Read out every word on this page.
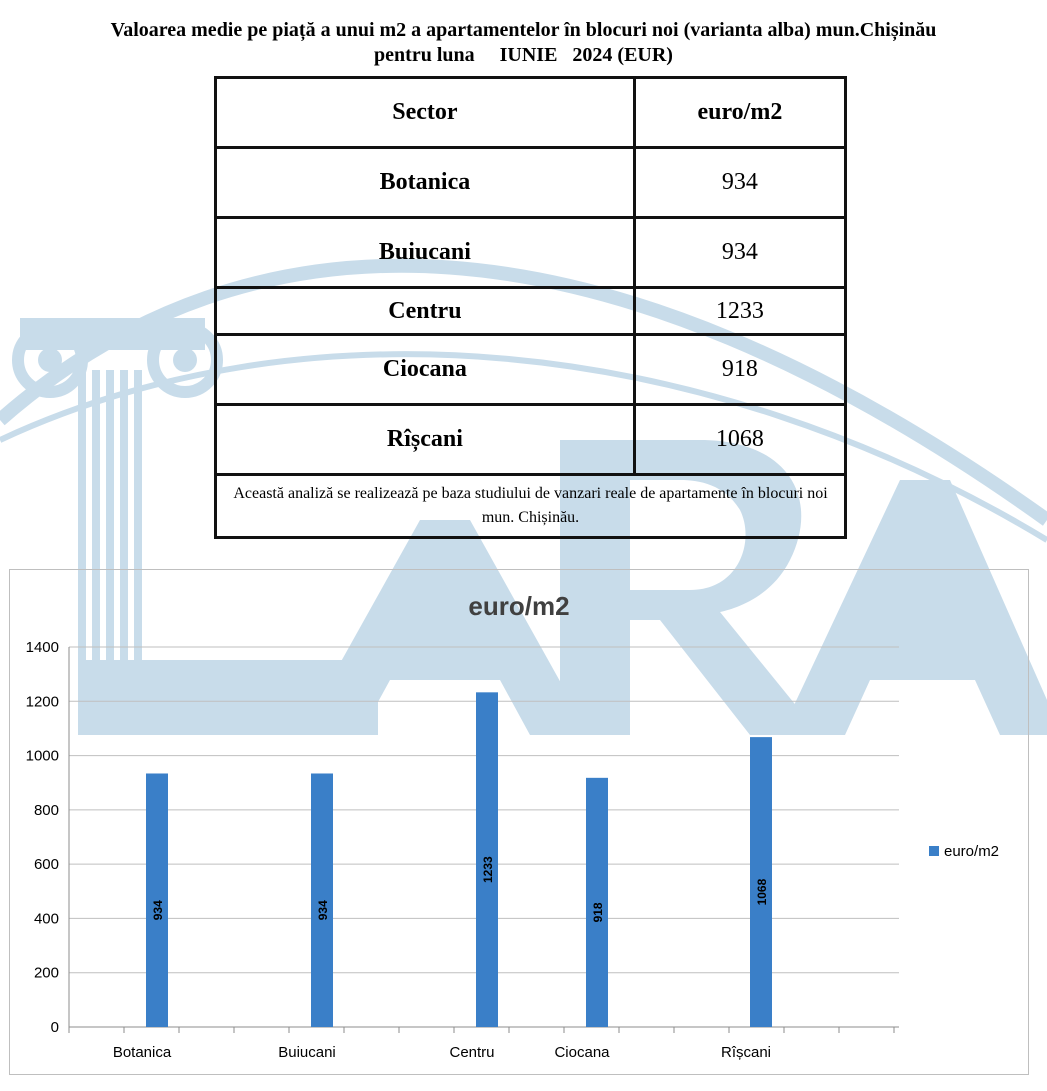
Valoarea medie pe piață a unui m2 a apartamentelor în blocuri noi (varianta alba) mun.Chișinău
pentru luna     IUNIE   2024 (EUR)
Sector	euro/m2
Botanica	934
Buiucani	934
Centru	1233
Ciocana	918
Rîșcani	1068
Această analiză se realizează pe baza studiului de vanzari reale de apartamente în blocuri noi mun. Chișinău.	
euro/m2
0
200
400
600
800
1000
1200
1400
934
Botanica
934
Buiucani
1233
Centru
918
Ciocana
1068
Rîșcani
euro/m2
